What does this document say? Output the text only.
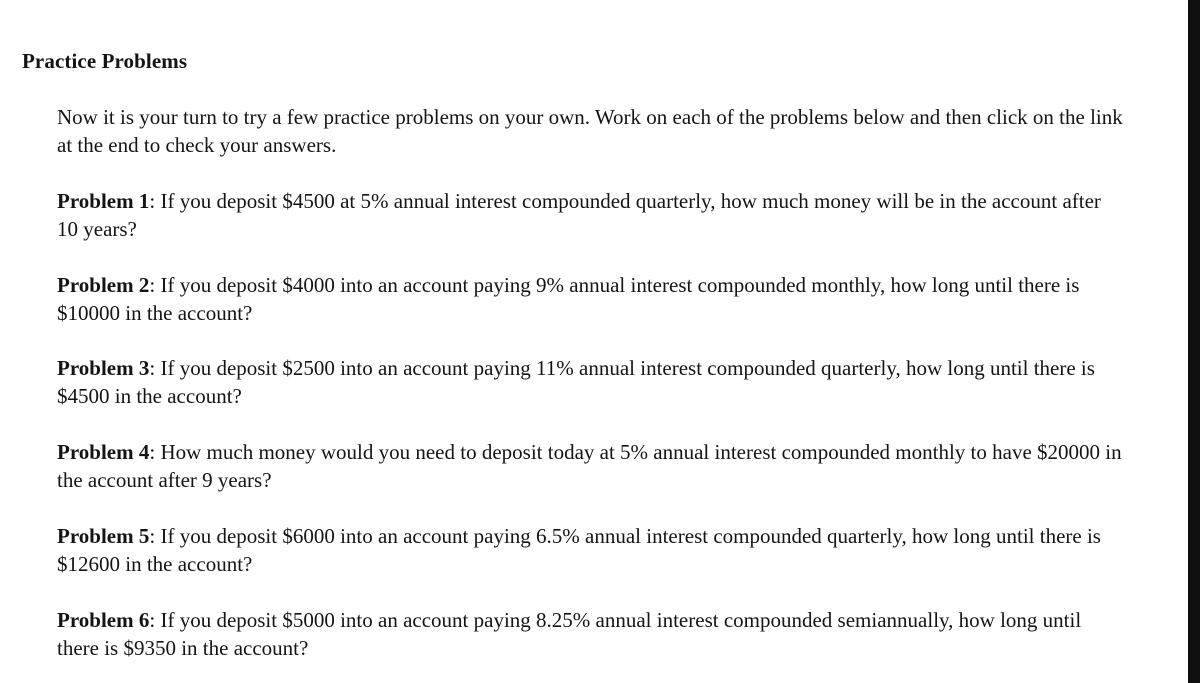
Practice Problems

Now it is your turn to try a few practice problems on your own. Work on each of the problems below and then click on the link at the end to check your answers.

Problem 1: If you deposit $4500 at 5% annual interest compounded quarterly, how much money will be in the account after 10 years?

Problem 2: If you deposit $4000 into an account paying 9% annual interest compounded monthly, how long until there is $10000 in the account?

Problem 3: If you deposit $2500 into an account paying 11% annual interest compounded quarterly, how long until there is $4500 in the account?

Problem 4: How much money would you need to deposit today at 5% annual interest compounded monthly to have $20000 in the account after 9 years?

Problem 5: If you deposit $6000 into an account paying 6.5% annual interest compounded quarterly, how long until there is $12600 in the account?

Problem 6: If you deposit $5000 into an account paying 8.25% annual interest compounded semiannually, how long until there is $9350 in the account?
